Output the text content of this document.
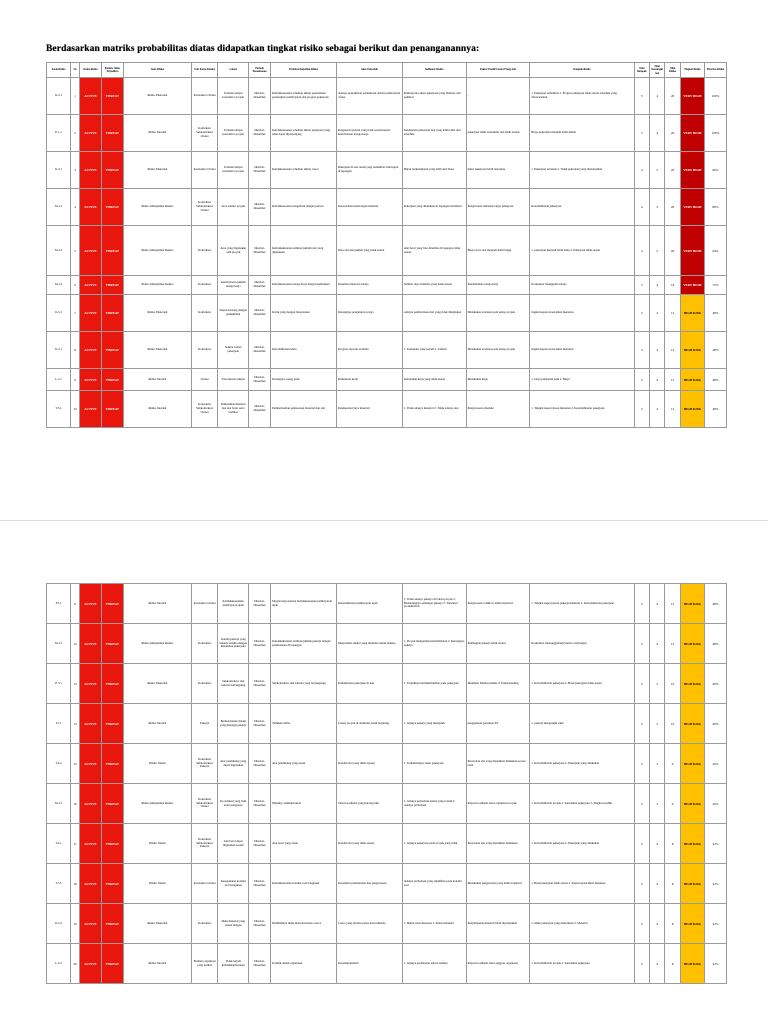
Berdasarkan matriks probabilitas diatas didapatkan tingkat risiko sebagai berikut dan penanganannya:
Kode Risiko	No	Status Risiko	Pemicu risiko Terjadinya	Jenis Risiko	Unit Kerja Pemicu	Lokasi	Periode Pemantauan	Peristiwa/Kejadian Risiko	Akar Penyebab	Indikator Risiko	Faktor Positif/Control Yang Ada	Dampak Risiko	Nilai Dampak	Nilai Kemungkinan	Nilai Risiko	Tingkat Risiko	Prioritas Risiko
K.2.1	1	ACTIVE	THREAT	Risiko Eksternal	Kontraktor Owner	Terletak tempat kontraktor proyek	Oktober-Desember	Ketidaksesuaian schedule akibat penerimaan persetujuan pembayaran dan progres pekerjaan	Adanya penerimaan permintaan terkait pembayaran owner	Pembayaran akses pekerjaan yang ditunda oleh pemberi	-	1. Pekerjaan terhambat 2. Progres pekerjaan tidak sesuai schedule yang direncanakan	5	4	20	VERY HIGH	100%
E.1.1	2	ACTIVE	THREAT	Risiko Internal	Kontraktor Subkontraktor Owner	Terletak tempat kontraktor proyek	Oktober-Desember	Ketidaksesuaian schedule akibat pekerjaan yang telah dapat diperpanjang	Pengaturan jadwal yang tidak sesuai karena keterbatasan tenaga kerja	Kelemahan pekerjaan saat yang lebih lama dari schedule	pekerjaan lebih terstruktur dan lebih teratur	Biaya pekerjaan menjadi lebih mahal	5	4	20	VERY HIGH	100%
K.3.1	3	ACTIVE	THREAT	Risiko Eksternal	Kontraktor Owner	Terletak tempat kontraktor proyek	Oktober-Desember	Ketidaksesuaian schedule akibat cuaca	Pekerjaan di atas tanah yang terhambat oleh hujan di lapangan	Hujan berkelanjutan yang lebih dari biasa	maka pekerjaan lebih terpantau	1. Pekerjaan tertunda 2. Tidak pekerjaan yang dialokasikan	4	5	20	VERY HIGH	80%
M.1.2	4	ACTIVE	THREAT	Risiko Manajemen Resiko	Kontraktor Subkontraktor Owner	Area sekitar proyek	Oktober-Desember	Ketidaksesuaian pengadaan dengan jadwal	Ketersediaan keterangan material	Pekerjaan yang dilakukan di lapangan terlambat	Pengawasan terhadap target pekerjaan	Keterlambatan pekerjaan	4	5	20	VERY HIGH	80%
M.1.3	5	ACTIVE	THREAT	Risiko Manajemen Resiko	Kontraktor	Area yang digunakan oleh proyek	Oktober-Desember	Ketidakakuratan estimasi jumlah alat yang digunakan	Data alat dan jumlah yang tidak sesuai	Alat berat yang bisa diterima di lapangan tidak sesuai	Biaya sewa alat menjadi lebih tinggi	1. pekerjaan menjadi lebih lama 2. Pekerjaan tidak sesuai	4	5	20	VERY HIGH	64%
M.1.4	6	ACTIVE	THREAT	Risiko Manajemen Resiko	Kontraktor	Keterbatasan jumlah tenaga kerja	Oktober-Desember	Ketidaksesuaian tenaga kerja dengan kebutuhan	Kesulitan mencari tenaga	Sumber daya manusia yang tidak sesuai	Penambahan tenaga kerja	Kontraktor mengganti tenaga	5	4	19	VERY HIGH	72%
K.3.1	7	ACTIVE	THREAT	Risiko Eksternal	Kontraktor	Depan bersang dengan pemukiman	Oktober-Desember	Kritik yang dengan masyarakat	Kurangnya pengaturan warga	Adanya pemberitaan dari yang tidak diinginkan	Melakukan evaluasi pada setiap proyek	tingkat kepercayaan klien menurun	3	4	12	HIGH RISK	48%
K.4.1	8	ACTIVE	THREAT	Risiko Eksternal	Kontraktor	Sekitar lokasi pekerjaan	Oktober-Desember	Keterlambatan klien	Progress laporan tertunda	1. Komplain yang terjadi 2. Lambat	Melakukan evaluasi pada setiap proyek	tingkat kepercayaan klien menurun	3	4	12	HIGH RISK	48%
L.2.1	9	ACTIVE	THREAT	Risiko Internal	Owner	Tata ukuran tempat	Oktober-Desember	Kurangnya ruang jarak	Pemutusan kerja	Kebutuhan kerja yang tidak sesuai	Melakukan kerja	1. biaya pekerjaan naik 2. Biaya	3	4	12	HIGH RISK	48%
T.3.1	10	ACTIVE	THREAT	Risiko Internal	Kontraktor Subkontraktor Owner	Pemenuhan material dan alat berat serta fasilitas	Oktober-Desember	Pemberhentian pemasokan material dan alat	Pendapatan biaya material	1. Tidak adanya material 2. Tidak adanya alat	Pengawasan schedule	1. Tingkat kepercayaan menurun 2. Keterlambatan pekerjaan	3	4	12	HIGH RISK	48%
F.5.1	11	ACTIVE	THREAT	Risiko Internal	Kontraktor Owner	Ketidakkesediaan pembayaran upah	Oktober-Desember	Mogok kerja karena Ketidaksesuaian pembayaran upah	Keterlambatan pembayaran upah	1. Tidak adanya pekerja di lokasi proyek 2. Berkurangnya semangat pekerja 3. Turunnya produktivitas	Pengawasan cashflow lebih terperinci	1. Tingkat kepercayaan pekerja menurun 2. Keterlambatan pekerjaan	3	4	12	HIGH RISK	48%
M.1.5	12	ACTIVE	THREAT	Risiko Manajemen Resiko	Kontraktor	Setelah pekerja yang bekerja selama dengan kebutuhan pekerjaan	Oktober-Desember	Ketidakakuratan estimasi jumlah pekerja dengan pelaksanaan di lapangan	Masyarakat sekitar yang meminta untuk bekerja	1. Proyek mengalami keterlambatan 2. Kurangnya pekerja	Pembagian pekerja lebih teratur	Kontraktor menanggulangi karena overbudget	3	4	12	HIGH RISK	48%
E.3.1	13	ACTIVE	THREAT	Risiko Eksternal	Kontraktor	Subkontraktor dan saluran berlangsung	Oktober-Desember	Subkontraktor dan saluran yang berlangsung	Pemanfaatan pekerjaan di luar	1. Terjadinya ketidakefektifan pada pekerjaan	Membuat Memorandum of Understanding	1. Keterlambatan pekerjaan 2. Hasil pekerjaan tidak sesuai	2	5	10	HIGH RISK	40%
I.5.1	14	ACTIVE	THREAT	Risiko Internal	Pekerja	Berhati-hatian dalam yang menjaga pekerja	Oktober-Desember	Tuduhan daftar	Lokasi proyek di dominasi tanah berpiring	1. Adanya pekerja yang mengeluh	penggunaan peralatan K3	1. pekerja mengalami sakit	2	5	10	HIGH RISK	40%
T.4.2	15	ACTIVE	THREAT	Risiko Teknis	Kontraktor Subkontraktor Pekerja	Alat pendukung yang dapat digunakan	Oktober-Desember	Alat pendukung yang rusak	Kondisi alat yang tidak layang	1. Terhambatnya suatu pekerjaan	Perawatan alat yang dipastikan dilakukan secara rutin	1. Keterlambatan pekerjaan 2. Pekerjaan yang dilakukan	3	3	9	HIGH RISK	36%
M.1.5	16	ACTIVE	THREAT	Risiko Manajemen Resiko	Kontraktor Subkontraktor Owner	Koordinasi yang baik antar pengawas	Oktober-Desember	Missing communication	Jalur koordinasi yang kurang baik	1. Adanya perbedaan antara yang terjadi 2. Adanya perbedaan	Rapat koordinasi antar organisasi proyek	1. Keterlambatan proyek 2. Kesalahan pekerjaan 3. Tingkat konflik	3	3	9	HIGH RISK	36%
T.4.1	17	ACTIVE	THREAT	Risiko Teknis	Kontraktor Subkontraktor Pekerja	Alat berat dapat digunakan sesuai	Oktober-Desember	Alat berat yang rusak	Kondisi alat yang tidak sesuai	1. Adanya pekerjaan pada proyek yang tidak	Perawatan alat yang dipastikan dilakukan	1. Keterlambatan pekerjaan 2. Pekerjaan yang dilakukan	2	4	8	HIGH RISK	32%
T.5.1	18	ACTIVE	THREAT	Risiko Teknis	Kontraktor Owner	Kesepakatan kondisi soal bangunan	Oktober-Desember	Ketidaksesuaian kondisi soal bangunan	Kesalahan pelaksanaan dan pengawasan	Adanya perbedaan yang signifikan pada kondisi soal	Melakukan pengawasan yang lebih terperinci	1. Hasil pekerjaan tidak sesuai 2. Kepercayaan klien menurun	2	4	8	HIGH RISK	32%
K.5.2	19	ACTIVE	THREAT	Risiko Eksternal	Kontraktor	Mutu material yang sesuai dengan	Oktober-Desember	Ditimbulnya mutu material karena cuaca	Cuaca yang (terlalu panas atau lembab)	1. Hujan terus-menerus 2. Panas matahari	Penyimpanan material lebih diperhatikan	1. Mutu pekerjaan yang diturunkan 2. Material	2	4	8	HIGH RISK	32%
L.2.3	20	ACTIVE	THREAT	Risiko Internal	Elemen organisasi yang terlibat	Tidak terjadi ketidakharmonisan	Oktober-Desember	Konflik dalam organisasi	Kesalahpahaman	1. Adanya perdebatan antara elemen	Rapat koordinasi antar anggota organisasi	1. Keterlambatan proyek 2. Kesalahan pekerjaan	2	4	8	HIGH RISK	32%
